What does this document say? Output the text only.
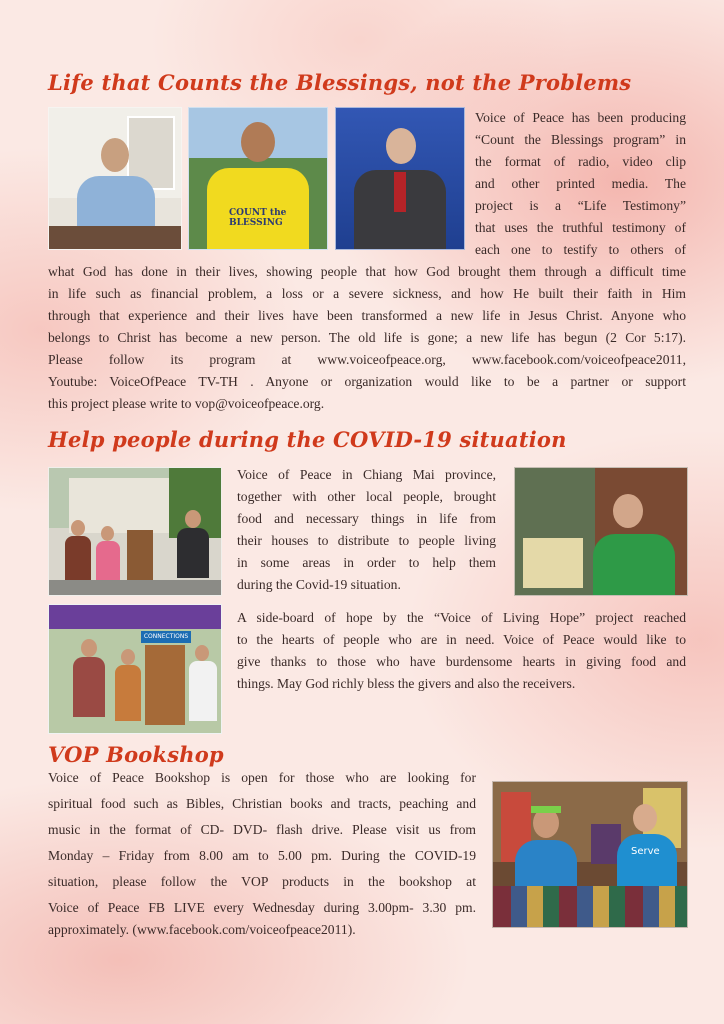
Life that Counts the Blessings, not the Problems
COUNT the BLESSING

Voice of Peace has been producing

“Count the Blessings program” in

the format of radio, video clip

and other printed media. The

project is a “Life Testimony”

that uses the truthful testimony of

each one to testify to others of

what God has done in their lives, showing people that how God brought them through a difficult time

in life such as financial problem, a loss or a severe sickness, and how He built their faith in Him

through that experience and their lives have been transformed a new life in Jesus Christ. Anyone who

belongs to Christ has become a new person. The old life is gone; a new life has begun (2 Cor 5:17).

Please follow its program at www.voiceofpeace.org, www.facebook.com/voiceofpeace2011,

Youtube: VoiceOfPeace TV-TH . Anyone or organization would like to be a partner or support

this project please write to vop@voiceofpeace.org.

Help people during the COVID-19 situation

Voice of Peace in Chiang Mai province,

together with other local people, brought

food and necessary things in life from

their houses to distribute to people living

in some areas in order to help them

during the Covid-19 situation.

CONNECTIONS

A side-board of hope by the “Voice of Living Hope” project reached

to the hearts of people who are in need. Voice of Peace would like to

give thanks to those who have burdensome hearts in giving food and

things. May God richly bless the givers and also the receivers.

VOP Bookshop

Voice of Peace Bookshop is open for those who are looking for

spiritual food such as Bibles, Christian books and tracts, peaching and

music in the format of CD- DVD- flash drive. Please visit us from

Monday – Friday from 8.00 am to 5.00 pm. During the COVID-19

situation, please follow the VOP products in the bookshop at

Voice of Peace FB LIVE every Wednesday during 3.00pm- 3.30 pm.

approximately. (www.facebook.com/voiceofpeace2011).

Serve
